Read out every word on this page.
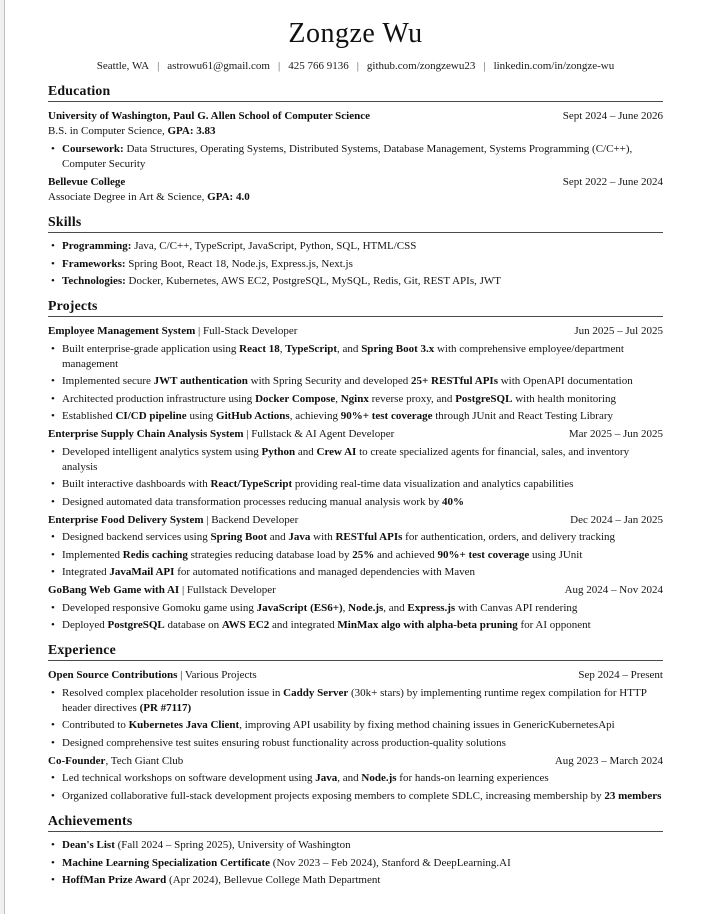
Zongze Wu
Seattle, WA | astrowu61@gmail.com | 425 766 9136 | github.com/zongzewu23 | linkedin.com/in/zongze-wu
Education
University of Washington, Paul G. Allen School of Computer Science	Sept 2024 – June 2026
B.S. in Computer Science, GPA: 3.83
• Coursework: Data Structures, Operating Systems, Distributed Systems, Database Management, Systems Programming (C/C++), Computer Security
Bellevue College	Sept 2022 – June 2024
Associate Degree in Art & Science, GPA: 4.0
Skills
• Programming: Java, C/C++, TypeScript, JavaScript, Python, SQL, HTML/CSS
• Frameworks: Spring Boot, React 18, Node.js, Express.js, Next.js
• Technologies: Docker, Kubernetes, AWS EC2, PostgreSQL, MySQL, Redis, Git, REST APIs, JWT
Projects
Employee Management System | Full-Stack Developer	Jun 2025 – Jul 2025
• Built enterprise-grade application using React 18, TypeScript, and Spring Boot 3.x with comprehensive employee/department management
• Implemented secure JWT authentication with Spring Security and developed 25+ RESTful APIs with OpenAPI documentation
• Architected production infrastructure using Docker Compose, Nginx reverse proxy, and PostgreSQL with health monitoring
• Established CI/CD pipeline using GitHub Actions, achieving 90%+ test coverage through JUnit and React Testing Library
Enterprise Supply Chain Analysis System | Fullstack & AI Agent Developer	Mar 2025 – Jun 2025
• Developed intelligent analytics system using Python and Crew AI to create specialized agents for financial, sales, and inventory analysis
• Built interactive dashboards with React/TypeScript providing real-time data visualization and analytics capabilities
• Designed automated data transformation processes reducing manual analysis work by 40%
Enterprise Food Delivery System | Backend Developer	Dec 2024 – Jan 2025
• Designed backend services using Spring Boot and Java with RESTful APIs for authentication, orders, and delivery tracking
• Implemented Redis caching strategies reducing database load by 25% and achieved 90%+ test coverage using JUnit
• Integrated JavaMail API for automated notifications and managed dependencies with Maven
GoBang Web Game with AI | Fullstack Developer	Aug 2024 – Nov 2024
• Developed responsive Gomoku game using JavaScript (ES6+), Node.js, and Express.js with Canvas API rendering
• Deployed PostgreSQL database on AWS EC2 and integrated MinMax algo with alpha-beta pruning for AI opponent
Experience
Open Source Contributions | Various Projects	Sep 2024 – Present
• Resolved complex placeholder resolution issue in Caddy Server (30k+ stars) by implementing runtime regex compilation for HTTP header directives (PR #7117)
• Contributed to Kubernetes Java Client, improving API usability by fixing method chaining issues in GenericKubernetesApi
• Designed comprehensive test suites ensuring robust functionality across production-quality solutions
Co-Founder, Tech Giant Club	Aug 2023 – March 2024
• Led technical workshops on software development using Java, and Node.js for hands-on learning experiences
• Organized collaborative full-stack development projects exposing members to complete SDLC, increasing membership by 23 members
Achievements
• Dean's List (Fall 2024 – Spring 2025), University of Washington
• Machine Learning Specialization Certificate (Nov 2023 – Feb 2024), Stanford & DeepLearning.AI
• HoffMan Prize Award (Apr 2024), Bellevue College Math Department
